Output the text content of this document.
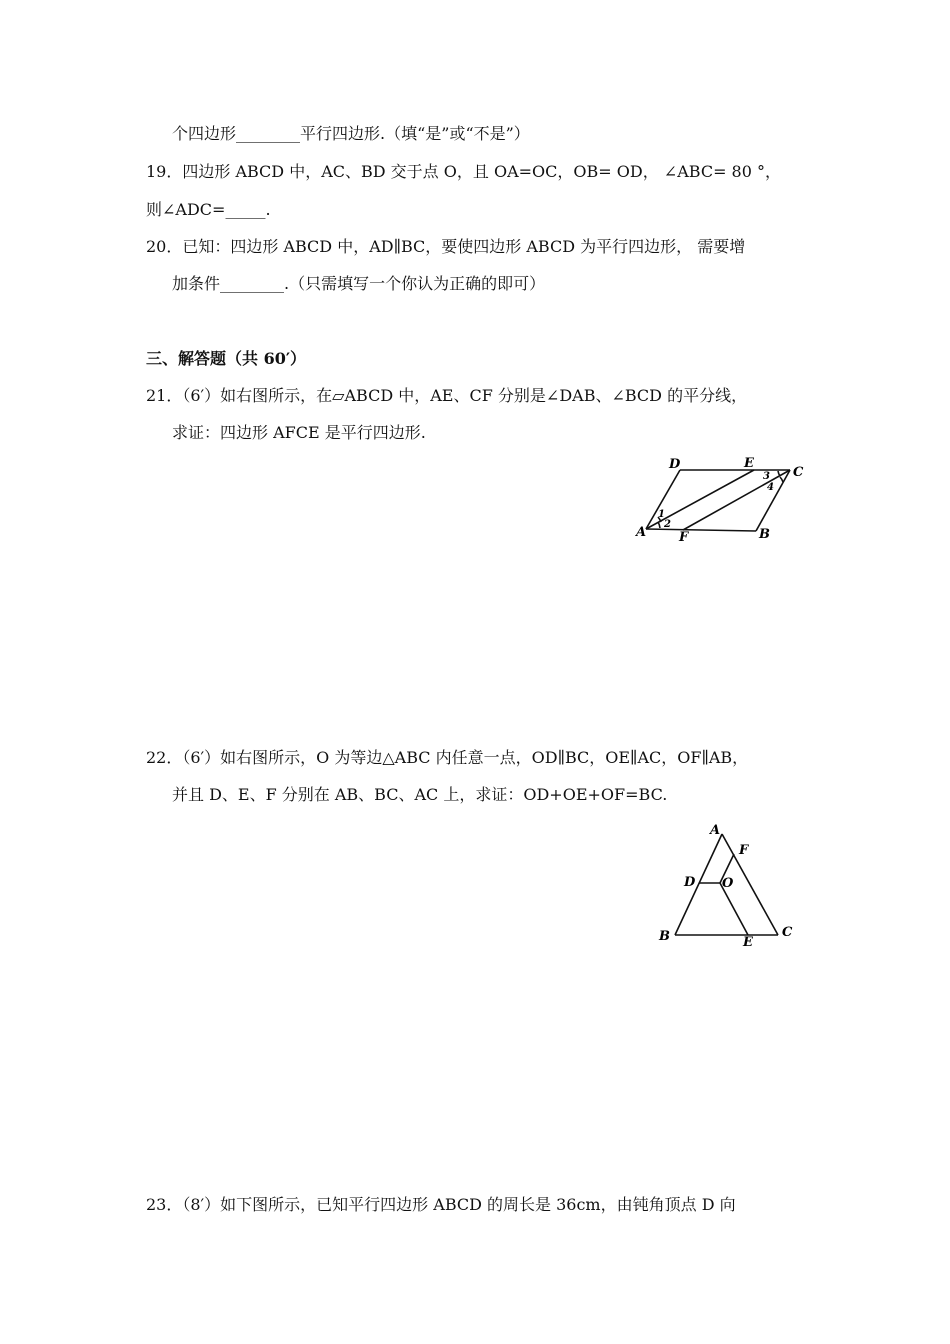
个四边形________平行四边形.（填“是”或“不是”）
19．四边形 ABCD 中，AC、BD 交于点 O，且 OA=OC，OB= OD， ∠ABC= 80 °，
则∠ADC=_____.
20．已知：四边形 ABCD 中，AD∥BC，要使四边形 ABCD 为平行四边形， 需要增
加条件________.（只需填写一个你认为正确的即可）
三、解答题（共 60′）
21．（6′）如右图所示，在▱ABCD 中，AE、CF 分别是∠DAB、∠BCD 的平分线，
求证：四边形 AFCE 是平行四边形.
A	B
C
D	E
F
1
2
3
4
22．（6′）如右图所示，O 为等边△ABC 内任意一点，OD∥BC，OE∥AC，OF∥AB，
并且 D、E、F 分别在 AB、BC、AC 上，求证：OD+OE+OF=BC.
A
B	C
D
E
F
O
23．（8′）如下图所示，已知平行四边形 ABCD 的周长是 36cm，由钝角顶点 D 向
